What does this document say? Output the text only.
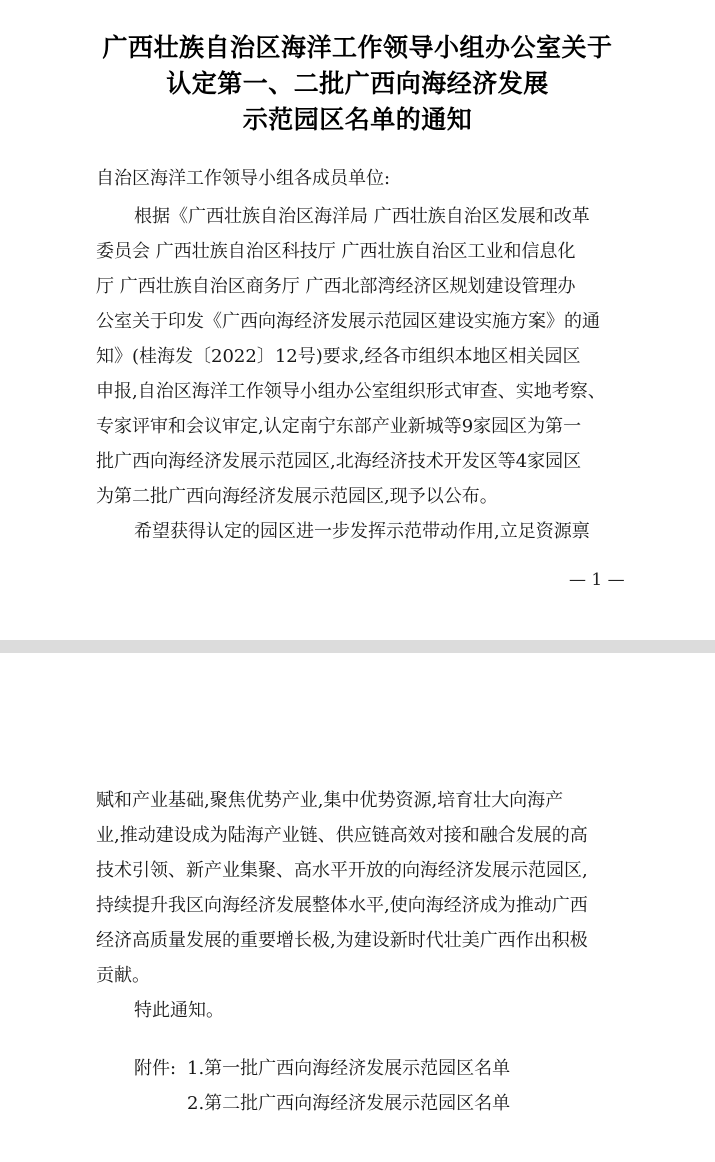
广西壮族自治区海洋工作领导小组办公室关于
认定第一、二批广西向海经济发展
示范园区名单的通知
自治区海洋工作领导小组各成员单位:
根据《广西壮族自治区海洋局 广西壮族自治区发展和改革
委员会 广西壮族自治区科技厅 广西壮族自治区工业和信息化
厅 广西壮族自治区商务厅 广西北部湾经济区规划建设管理办
公室关于印发《广西向海经济发展示范园区建设实施方案》的通
知》(桂海发〔2022〕12号)要求,经各市组织本地区相关园区
申报,自治区海洋工作领导小组办公室组织形式审查、实地考察、
专家评审和会议审定,认定南宁东部产业新城等9家园区为第一
批广西向海经济发展示范园区,北海经济技术开发区等4家园区
为第二批广西向海经济发展示范园区,现予以公布。
希望获得认定的园区进一步发挥示范带动作用,立足资源禀
— 1 —
赋和产业基础,聚焦优势产业,集中优势资源,培育壮大向海产
业,推动建设成为陆海产业链、供应链高效对接和融合发展的高
技术引领、新产业集聚、高水平开放的向海经济发展示范园区,
持续提升我区向海经济发展整体水平,使向海经济成为推动广西
经济高质量发展的重要增长极,为建设新时代壮美广西作出积极
贡献。
特此通知。
附件: 1.第一批广西向海经济发展示范园区名单
2.第二批广西向海经济发展示范园区名单
